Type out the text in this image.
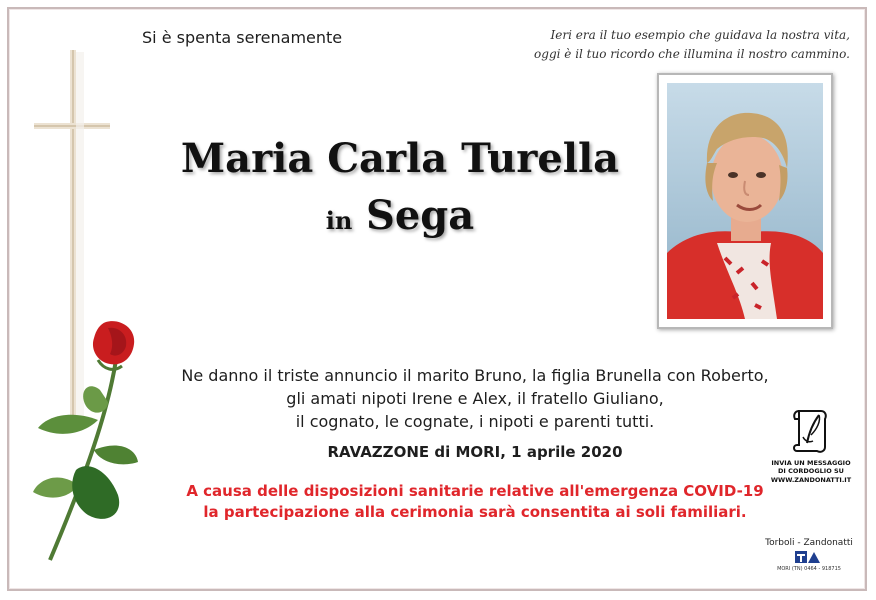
Si è spenta serenamente	Ieri era il tuo esempio che guidava la nostra vita,
oggi è il tuo ricordo che illumina il nostro cammino.
Maria Carla Turella
in Sega
Ne danno il triste annuncio il marito Bruno, la figlia Brunella con Roberto,
gli amati nipoti Irene e Alex, il fratello Giuliano,
il cognato, le cognate, i nipoti e parenti tutti.
RAVAZZONE di MORI, 1 aprile 2020
A causa delle disposizioni sanitarie relative all'emergenza COVID-19
la partecipazione alla cerimonia sarà consentita ai soli familiari.
INVIA UN MESSAGGIO
DI CORDOGLIO SU
WWW.ZANDONATTI.IT
Torboli - Zandonatti
MORI (TN) 0464 - 918715
